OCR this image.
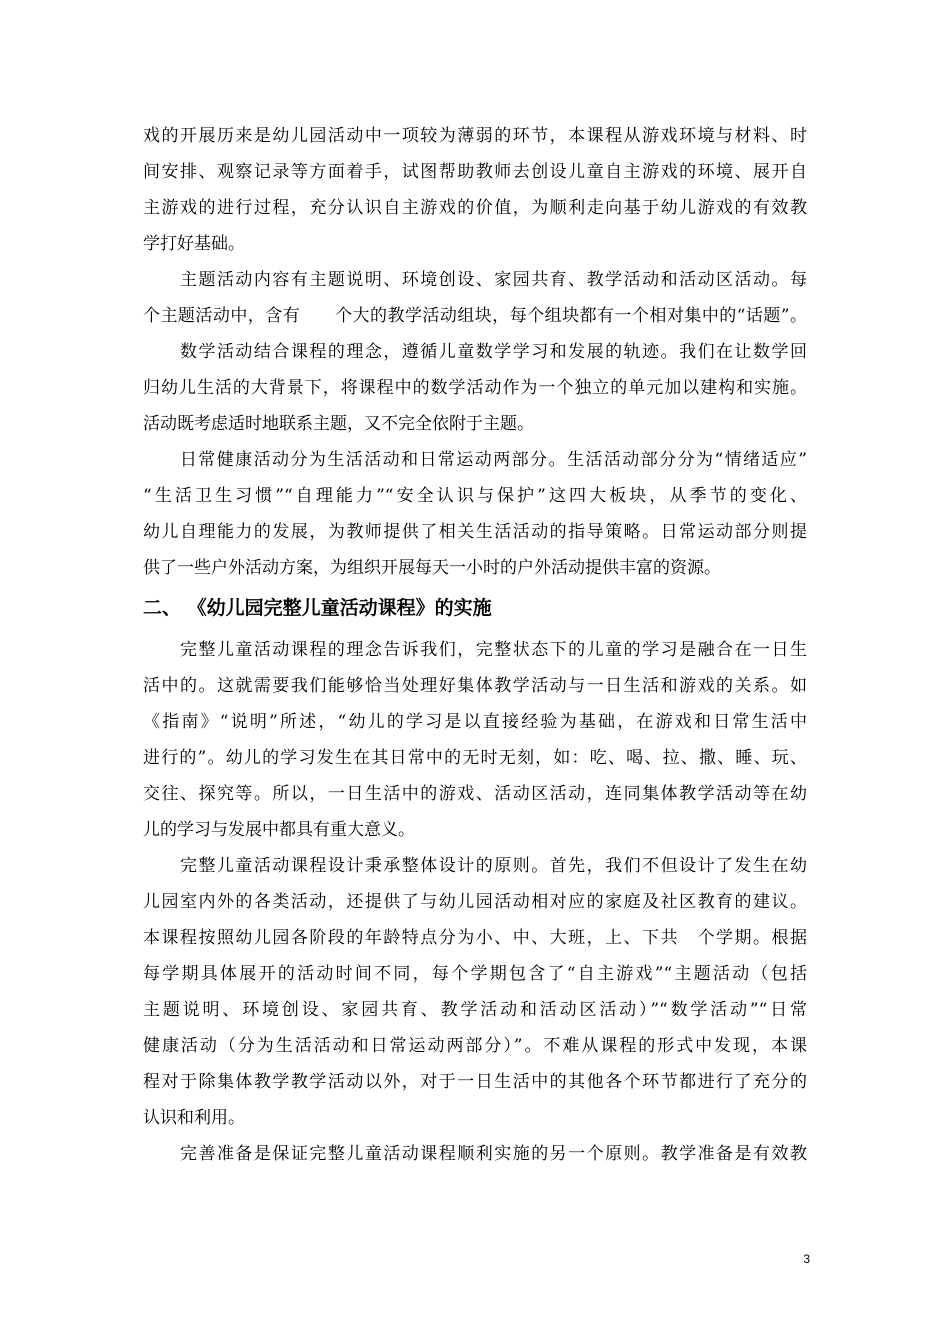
戏的开展历来是幼儿园活动中一项较为薄弱的环节，本课程从游戏环境与材料、时
间安排、观察记录等方面着手，试图帮助教师去创设儿童自主游戏的环境、展开自
主游戏的进行过程，充分认识自主游戏的价值，为顺利走向基于幼儿游戏的有效教
学打好基础。
　　主题活动内容有主题说明、环境创设、家园共育、教学活动和活动区活动。每
个主题活动中，含有　　个大的教学活动组块，每个组块都有一个相对集中的“话题”。
　　数学活动结合课程的理念，遵循儿童数学学习和发展的轨迹。我们在让数学回
归幼儿生活的大背景下，将课程中的数学活动作为一个独立的单元加以建构和实施。
活动既考虑适时地联系主题，又不完全依附于主题。
　　日常健康活动分为生活活动和日常运动两部分。生活活动部分分为“情绪适应”
“生活卫生习惯”“自理能力”“安全认识与保护”这四大板块，从季节的变化、
幼儿自理能力的发展，为教师提供了相关生活活动的指导策略。日常运动部分则提
供了一些户外活动方案，为组织开展每天一小时的户外活动提供丰富的资源。
二、 《幼儿园完整儿童活动课程》的实施
　　完整儿童活动课程的理念告诉我们，完整状态下的儿童的学习是融合在一日生
活中的。这就需要我们能够恰当处理好集体教学活动与一日生活和游戏的关系。如
《指南》“说明”所述，“幼儿的学习是以直接经验为基础，在游戏和日常生活中
进行的”。幼儿的学习发生在其日常中的无时无刻，如：吃、喝、拉、撒、睡、玩、
交往、探究等。所以，一日生活中的游戏、活动区活动，连同集体教学活动等在幼
儿的学习与发展中都具有重大意义。
　　完整儿童活动课程设计秉承整体设计的原则。首先，我们不但设计了发生在幼
儿园室内外的各类活动，还提供了与幼儿园活动相对应的家庭及社区教育的建议。
本课程按照幼儿园各阶段的年龄特点分为小、中、大班，上、下共　个学期。根据
每学期具体展开的活动时间不同，每个学期包含了“自主游戏”“主题活动（包括
主题说明、环境创设、家园共育、教学活动和活动区活动）”“数学活动”“日常
健康活动（分为生活活动和日常运动两部分）”。不难从课程的形式中发现，本课
程对于除集体教学教学活动以外，对于一日生活中的其他各个环节都进行了充分的
认识和利用。
　　完善准备是保证完整儿童活动课程顺利实施的另一个原则。教学准备是有效教
3
